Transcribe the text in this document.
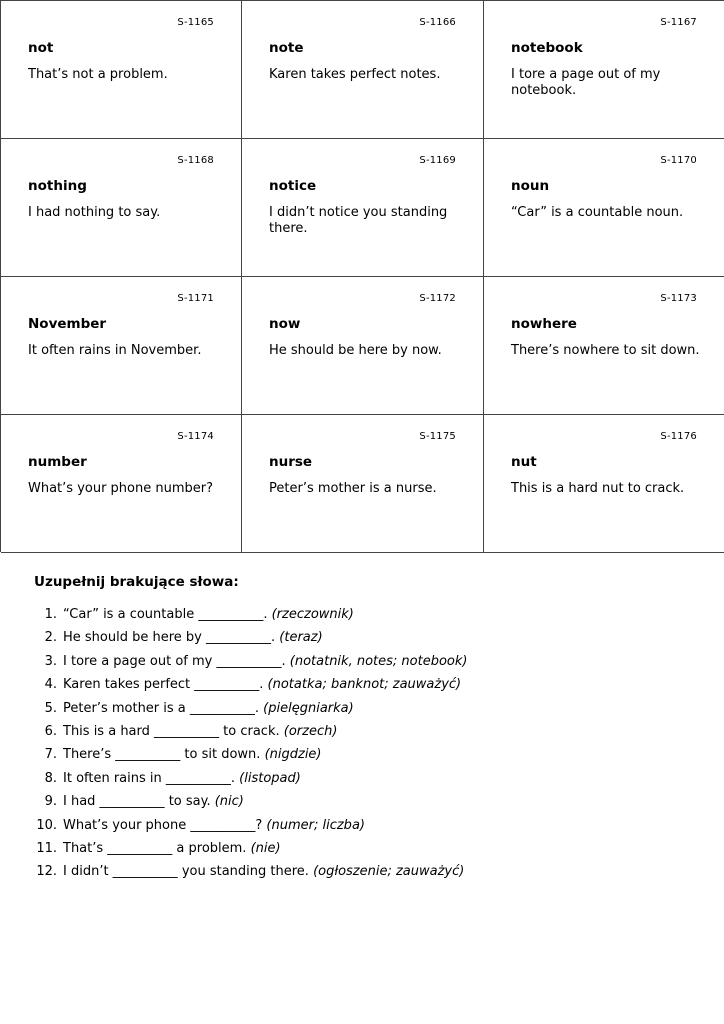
S-1165
not
That’s not a problem.
S-1166
note
Karen takes perfect notes.
S-1167
notebook
I tore a page out of my notebook.
S-1168
nothing
I had nothing to say.
S-1169
notice
I didn’t notice you standing there.
S-1170
noun
“Car” is a countable noun.
S-1171
November
It often rains in November.
S-1172
now
He should be here by now.
S-1173
nowhere
There’s nowhere to sit down.
S-1174
number
What’s your phone number?
S-1175
nurse
Peter’s mother is a nurse.
S-1176
nut
This is a hard nut to crack.
Uzupełnij brakujące słowa:
1. “Car” is a countable __________. (rzeczownik)
2. He should be here by __________. (teraz)
3. I tore a page out of my __________. (notatnik, notes; notebook)
4. Karen takes perfect __________. (notatka; banknot; zauważyć)
5. Peter’s mother is a __________. (pielęgniarka)
6. This is a hard __________ to crack. (orzech)
7. There’s __________ to sit down. (nigdzie)
8. It often rains in __________. (listopad)
9. I had __________ to say. (nic)
10. What’s your phone __________? (numer; liczba)
11. That’s __________ a problem. (nie)
12. I didn’t __________ you standing there. (ogłoszenie; zauważyć)
